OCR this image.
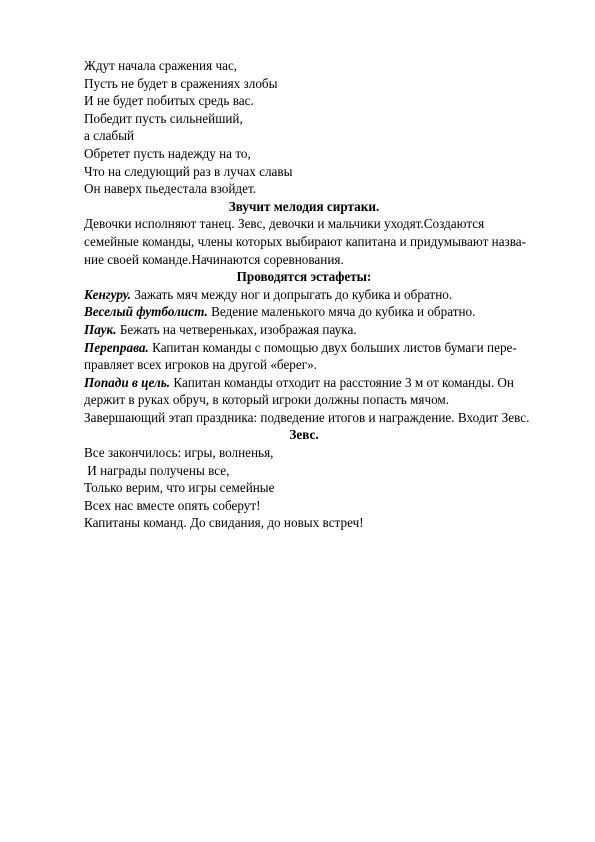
Ждут начала сражения час,
Пусть не будет в сражениях злобы
И не будет побитых средь вас.
Победит пусть сильнейший,
а слабый
Обретет пусть надежду на то,
Что на следующий раз в лучах славы
Он наверх пьедестала взойдет.
Звучит мелодия сиртаки.
Девочки исполняют танец. Зевс, девочки и мальчики уходят.Создаются
семейные команды, члены которых выбирают капитана и придумывают назва-
ние своей команде.Начинаются соревнования.
Проводятся эстафеты:
Кенгуру. Зажать мяч между ног и допрыгать до кубика и обратно.
Веселый футболист. Ведение маленького мяча до кубика и обратно.
Паук. Бежать на четвереньках, изображая паука.
Переправа. Капитан команды с помощью двух больших листов бумаги пере-
правляет всех игроков на другой «берег».
Попади в цель. Капитан команды отходит на расстояние 3 м от команды. Он
держит в руках обруч, в который игроки должны попасть мячом.
Завершающий этап праздника: подведение итогов и награждение. Входит Зевс.
Зевс.
Все закончилось: игры, волненья,
И награды получены все,
Только верим, что игры семейные
Всех нас вместе опять соберут!
Капитаны команд. До свидания, до новых встреч!
